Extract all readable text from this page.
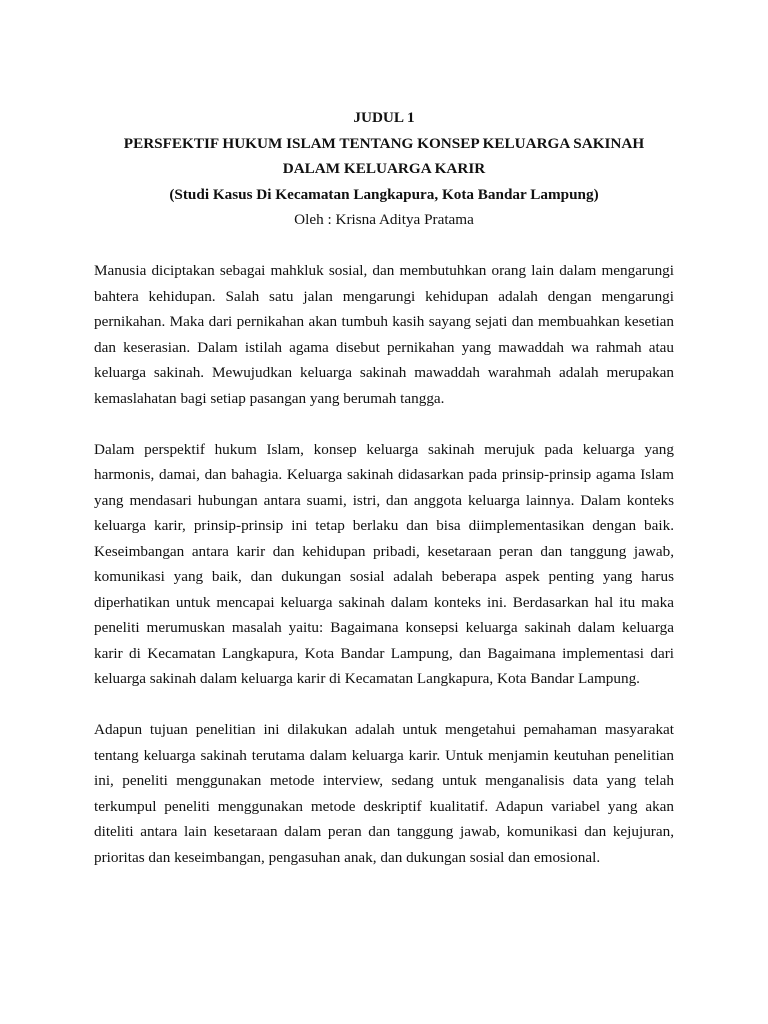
JUDUL 1
PERSFEKTIF HUKUM ISLAM TENTANG KONSEP KELUARGA SAKINAH
DALAM KELUARGA KARIR
(Studi Kasus Di Kecamatan Langkapura, Kota Bandar Lampung)
Oleh : Krisna Aditya Pratama

Manusia diciptakan sebagai mahkluk sosial, dan membutuhkan orang lain dalam mengarungi bahtera kehidupan. Salah satu jalan mengarungi kehidupan adalah dengan mengarungi pernikahan. Maka dari pernikahan akan tumbuh kasih sayang sejati dan membuahkan kesetian dan keserasian. Dalam istilah agama disebut pernikahan yang mawaddah wa rahmah atau keluarga sakinah. Mewujudkan keluarga sakinah mawaddah warahmah adalah merupakan kemaslahatan bagi setiap pasangan yang berumah tangga.

Dalam perspektif hukum Islam, konsep keluarga sakinah merujuk pada keluarga yang harmonis, damai, dan bahagia. Keluarga sakinah didasarkan pada prinsip-prinsip agama Islam yang mendasari hubungan antara suami, istri, dan anggota keluarga lainnya. Dalam konteks keluarga karir, prinsip-prinsip ini tetap berlaku dan bisa diimplementasikan dengan baik. Keseimbangan antara karir dan kehidupan pribadi, kesetaraan peran dan tanggung jawab, komunikasi yang baik, dan dukungan sosial adalah beberapa aspek penting yang harus diperhatikan untuk mencapai keluarga sakinah dalam konteks ini. Berdasarkan hal itu maka peneliti merumuskan masalah yaitu: Bagaimana konsepsi keluarga sakinah dalam keluarga karir di Kecamatan Langkapura, Kota Bandar Lampung, dan Bagaimana implementasi dari keluarga sakinah dalam keluarga karir di Kecamatan Langkapura, Kota Bandar Lampung.

Adapun tujuan penelitian ini dilakukan adalah untuk mengetahui pemahaman masyarakat tentang keluarga sakinah terutama dalam keluarga karir. Untuk menjamin keutuhan penelitian ini, peneliti menggunakan metode interview, sedang untuk menganalisis data yang telah terkumpul peneliti menggunakan metode deskriptif kualitatif. Adapun variabel yang akan diteliti antara lain kesetaraan dalam peran dan tanggung jawab, komunikasi dan kejujuran, prioritas dan keseimbangan, pengasuhan anak, dan dukungan sosial dan emosional.
